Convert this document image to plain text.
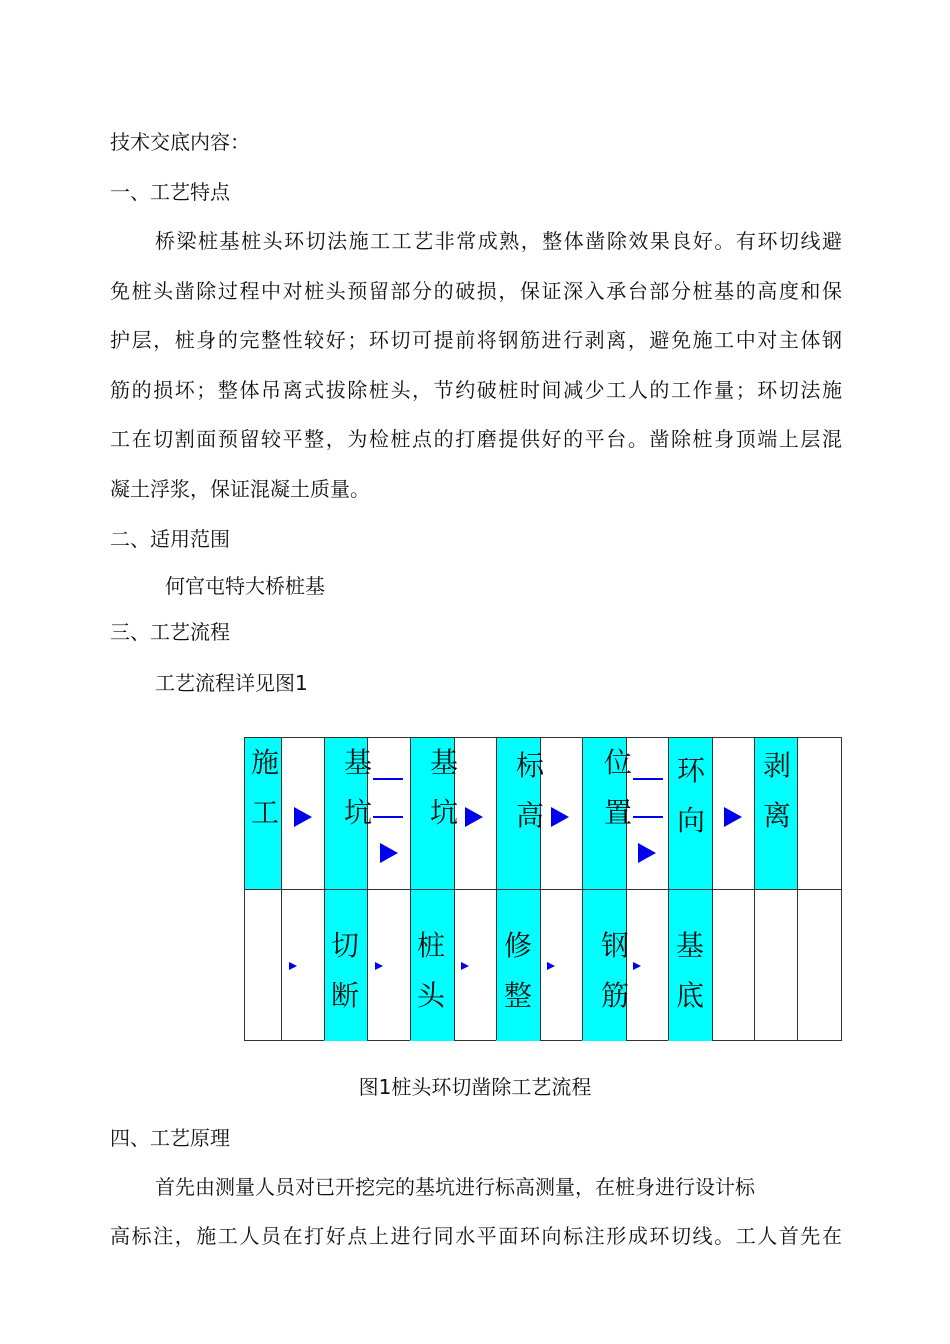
技术交底内容：
一、工艺特点
桥梁桩基桩头环切法施工工艺非常成熟，整体凿除效果良好。有环切线避
免桩头凿除过程中对桩头预留部分的破损，保证深入承台部分桩基的高度和保
护层，桩身的完整性较好；环切可提前将钢筋进行剥离，避免施工中对主体钢
筋的损坏；整体吊离式拔除桩头，节约破桩时间减少工人的工作量；环切法施
工在切割面预留较平整，为检桩点的打磨提供好的平台。凿除桩身顶端上层混
凝土浮浆，保证混凝土质量。
二、适用范围
何官屯特大桥桩基
三、工艺流程
工艺流程详见图1
施
工
基
坑
基
坑
标
高
位
置
环
向
剥
离
切
断
桩
头
修
整
钢
筋
基
底
图1桩头环切凿除工艺流程
四、工艺原理
首先由测量人员对已开挖完的基坑进行标高测量，在桩身进行设计标
高标注，施工人员在打好点上进行同水平面环向标注形成环切线。工人首先在
